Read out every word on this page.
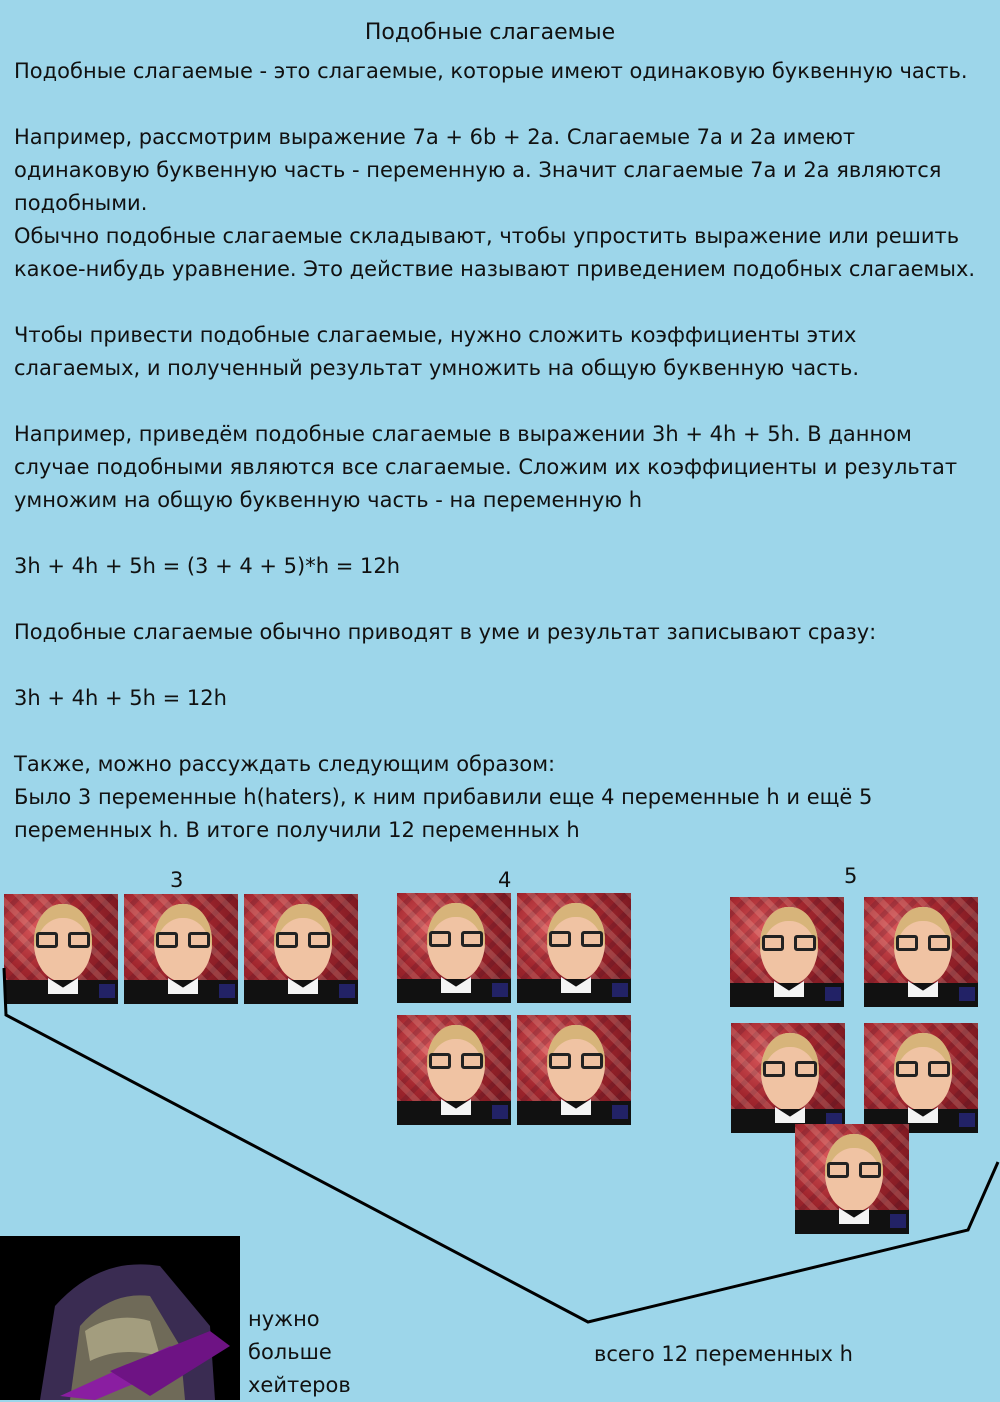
Подобные слагаемые

Подобные слагаемые - это слагаемые, которые имеют одинаковую буквенную часть.

Например, рассмотрим выражение 7a + 6b + 2a. Слагаемые 7a и 2a имеют одинаковую буквенную часть - переменную a. Значит слагаемые 7a и 2a являются подобными.

Обычно подобные слагаемые складывают, чтобы упростить выражение или решить какое-нибудь уравнение. Это действие называют приведением подобных слагаемых.

Чтобы привести подобные слагаемые, нужно сложить коэффициенты этих слагаемых, и полученный результат умножить на общую буквенную часть.

Например, приведём подобные слагаемые в выражении 3h + 4h + 5h. В данном случае подобными являются все слагаемые. Сложим их коэффициенты и результат умножим на общую буквенную часть - на переменную h

3h + 4h + 5h = (3 + 4 + 5)*h = 12h

Подобные слагаемые обычно приводят в уме и результат записывают сразу:

3h + 4h + 5h = 12h

Также, можно рассуждать следующим образом:

Было 3 переменные h(haters), к ним прибавили еще 4 переменные h и ещё 5 переменных h. В итоге получили 12 переменных h

3	4	5
нужно
больше
хейтеров
всего 12 переменных h
